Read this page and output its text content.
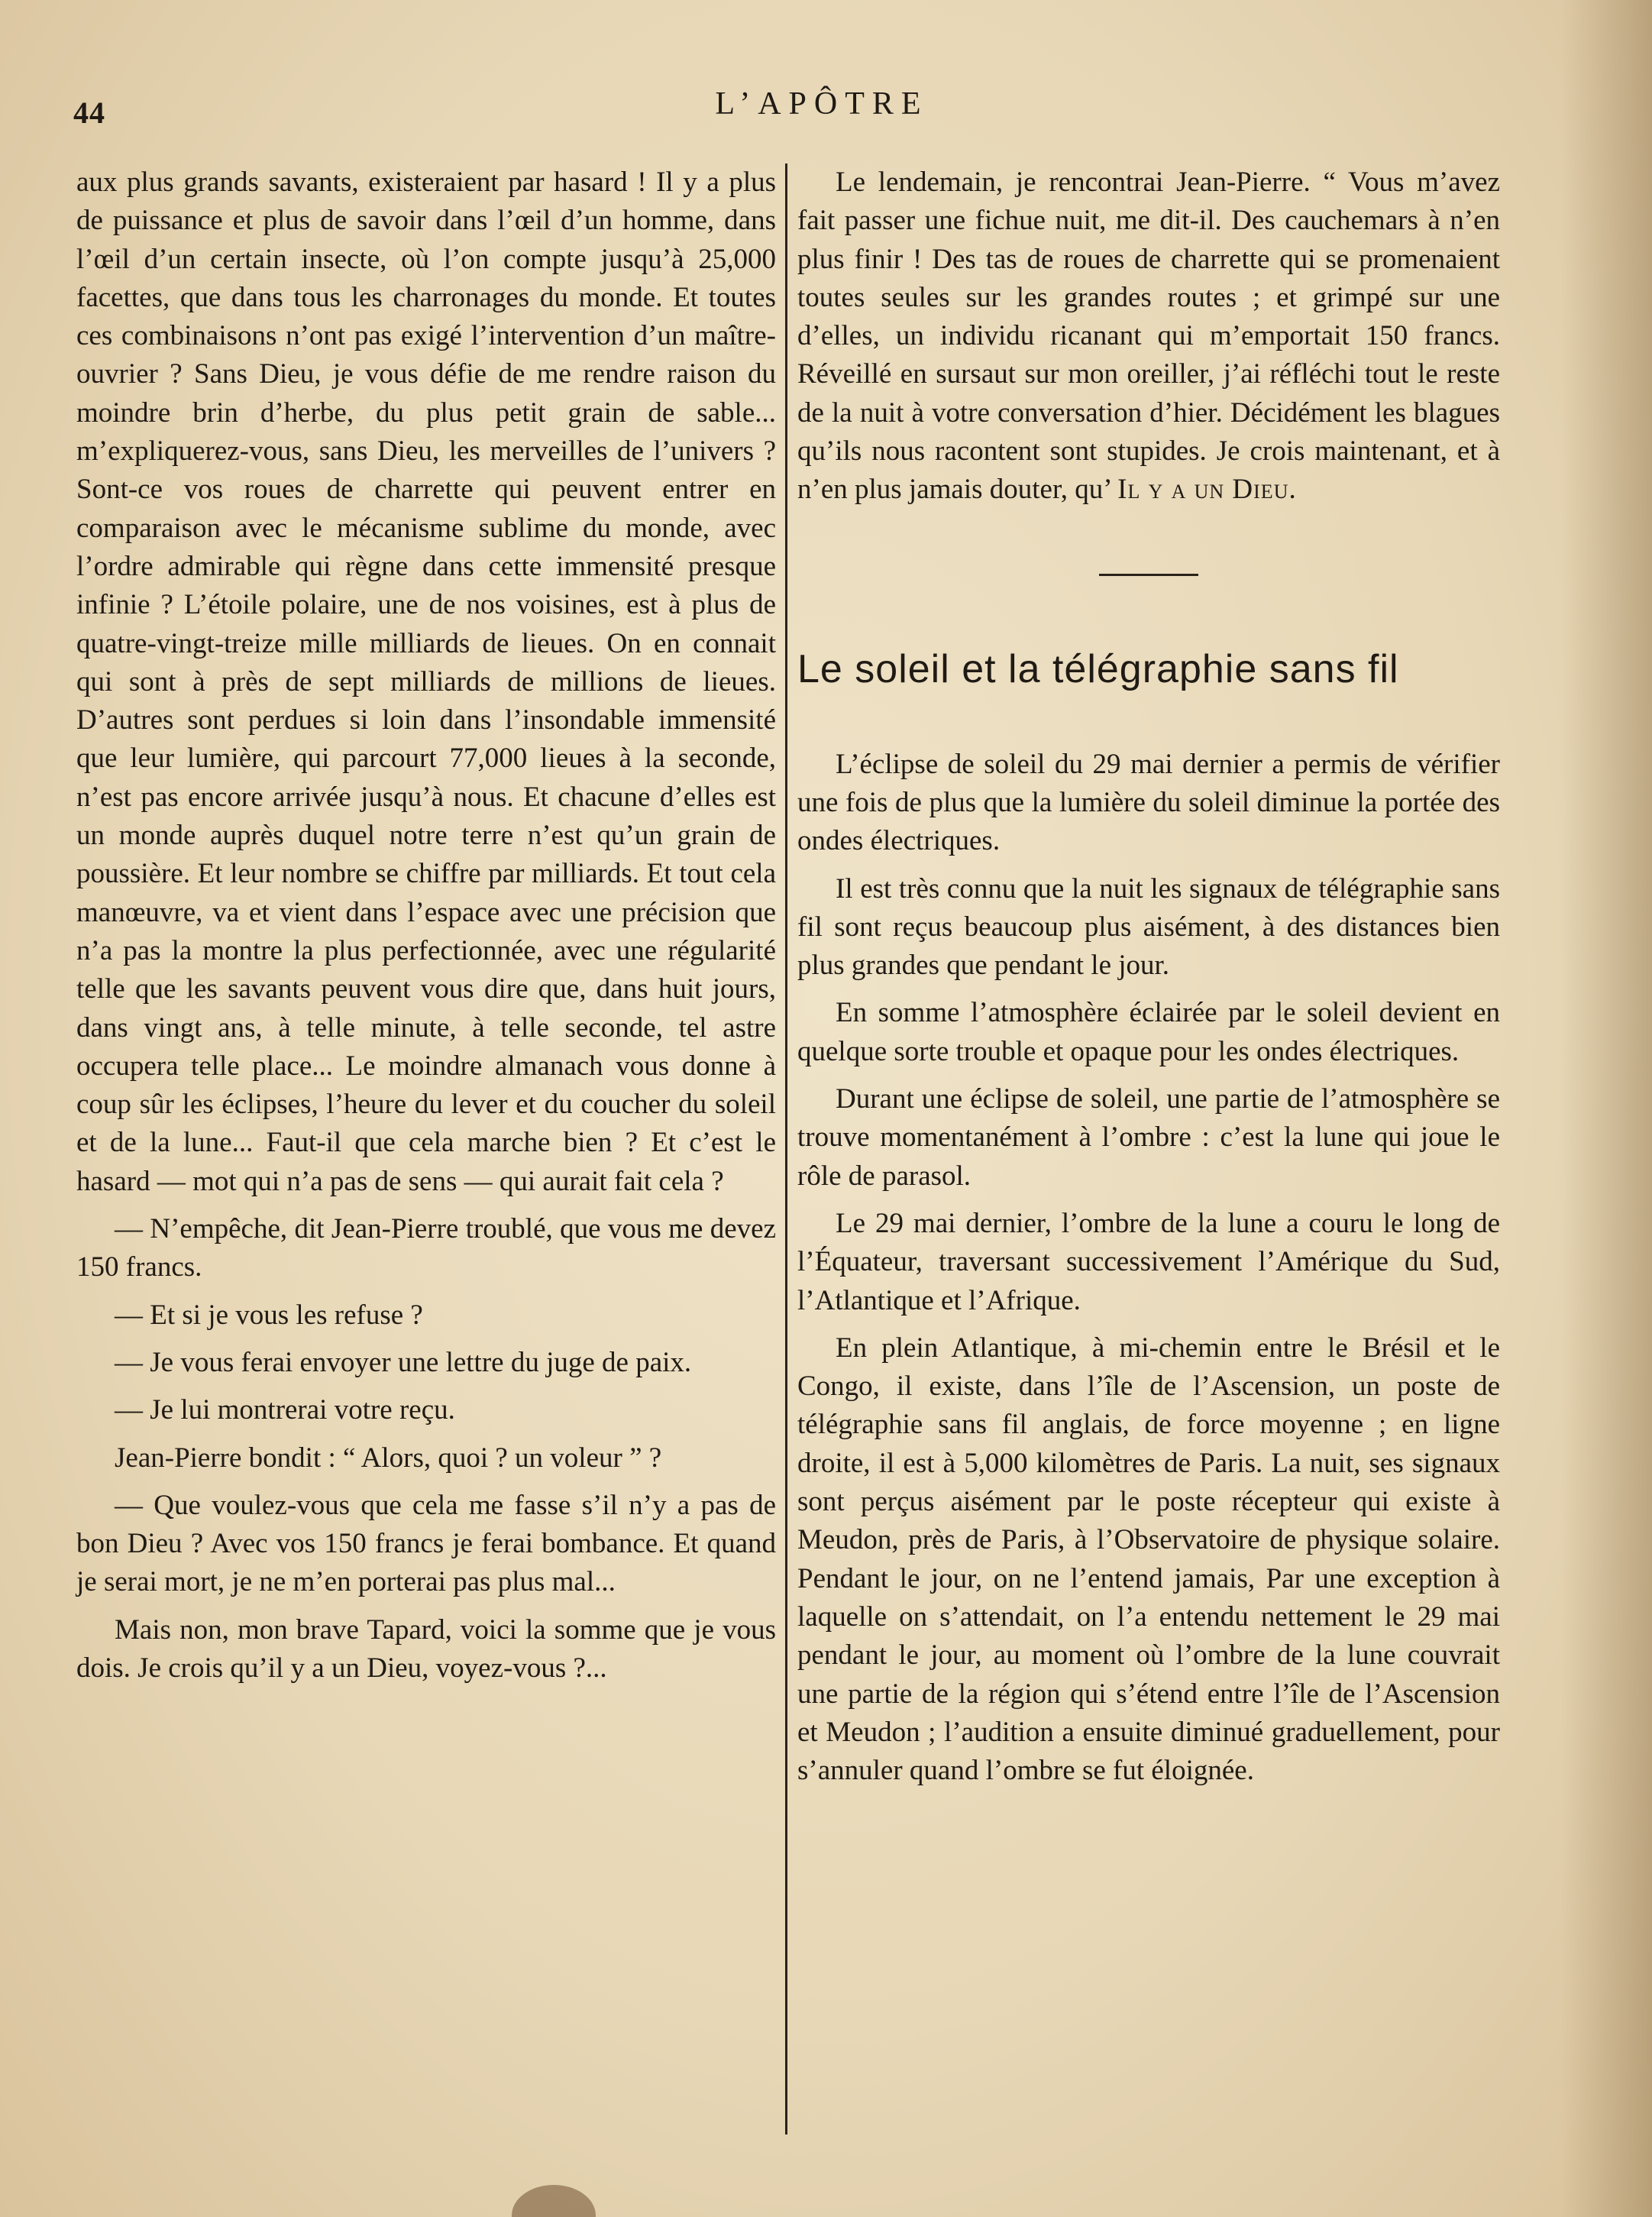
44	L’APÔTRE

aux plus grands savants, existeraient par hasard ! Il y a plus de puissance et plus de savoir dans l’œil d’un homme, dans l’œil d’un certain insecte, où l’on compte jusqu’à 25,000 facettes, que dans tous les charronages du monde. Et toutes ces combinaisons n’ont pas exigé l’intervention d’un maître-ouvrier ? Sans Dieu, je vous défie de me rendre raison du moindre brin d’herbe, du plus petit grain de sable... m’expliquerez-vous, sans Dieu, les merveilles de l’univers ? Sont-ce vos roues de charrette qui peuvent entrer en comparaison avec le mécanisme sublime du monde, avec l’ordre admirable qui règne dans cette immensité presque infinie ? L’étoile polaire, une de nos voisines, est à plus de quatre-vingt-treize mille milliards de lieues. On en connait qui sont à près de sept milliards de millions de lieues. D’autres sont perdues si loin dans l’insondable immensité que leur lumière, qui parcourt 77,000 lieues à la seconde, n’est pas encore arrivée jusqu’à nous. Et chacune d’elles est un monde auprès duquel notre terre n’est qu’un grain de poussière. Et leur nombre se chiffre par milliards. Et tout cela manœuvre, va et vient dans l’espace avec une précision que n’a pas la montre la plus perfectionnée, avec une régularité telle que les savants peuvent vous dire que, dans huit jours, dans vingt ans, à telle minute, à telle seconde, tel astre occupera telle place... Le moindre almanach vous donne à coup sûr les éclipses, l’heure du lever et du coucher du soleil et de la lune... Faut-il que cela marche bien ? Et c’est le hasard — mot qui n’a pas de sens — qui aurait fait cela ?

— N’empêche, dit Jean-Pierre troublé, que vous me devez 150 francs.

— Et si je vous les refuse ?

— Je vous ferai envoyer une lettre du juge de paix.

— Je lui montrerai votre reçu.

Jean-Pierre bondit : “ Alors, quoi ? un voleur ” ?

— Que voulez-vous que cela me fasse s’il n’y a pas de bon Dieu ? Avec vos 150 francs je ferai bombance. Et quand je serai mort, je ne m’en porterai pas plus mal...

Mais non, mon brave Tapard, voici la somme que je vous dois. Je crois qu’il y a un Dieu, voyez-vous ?...

Le lendemain, je rencontrai Jean-Pierre. “ Vous m’avez fait passer une fichue nuit, me dit-il. Des cauchemars à n’en plus finir ! Des tas de roues de charrette qui se promenaient toutes seules sur les grandes routes ; et grimpé sur une d’elles, un individu ricanant qui m’emportait 150 francs. Réveillé en sursaut sur mon oreiller, j’ai réfléchi tout le reste de la nuit à votre conversation d’hier. Décidément les blagues qu’ils nous racontent sont stupides. Je crois maintenant, et à n’en plus jamais douter, qu’ Il y a un Dieu.

Le soleil et la télégraphie sans fil

L’éclipse de soleil du 29 mai dernier a permis de vérifier une fois de plus que la lumière du soleil diminue la portée des ondes électriques.

Il est très connu que la nuit les signaux de télégraphie sans fil sont reçus beaucoup plus aisément, à des distances bien plus grandes que pendant le jour.

En somme l’atmosphère éclairée par le soleil devient en quelque sorte trouble et opaque pour les ondes électriques.

Durant une éclipse de soleil, une partie de l’atmosphère se trouve momentanément à l’ombre : c’est la lune qui joue le rôle de parasol.

Le 29 mai dernier, l’ombre de la lune a couru le long de l’Équateur, traversant successivement l’Amérique du Sud, l’Atlantique et l’Afrique.

En plein Atlantique, à mi-chemin entre le Brésil et le Congo, il existe, dans l’île de l’Ascension, un poste de télégraphie sans fil anglais, de force moyenne ; en ligne droite, il est à 5,000 kilomètres de Paris. La nuit, ses signaux sont perçus aisément par le poste récepteur qui existe à Meudon, près de Paris, à l’Observatoire de physique solaire. Pendant le jour, on ne l’entend jamais, Par une exception à laquelle on s’attendait, on l’a entendu nettement le 29 mai pendant le jour, au moment où l’ombre de la lune couvrait une partie de la région qui s’étend entre l’île de l’Ascension et Meudon ; l’audition a ensuite diminué graduellement, pour s’annuler quand l’ombre se fut éloignée.
